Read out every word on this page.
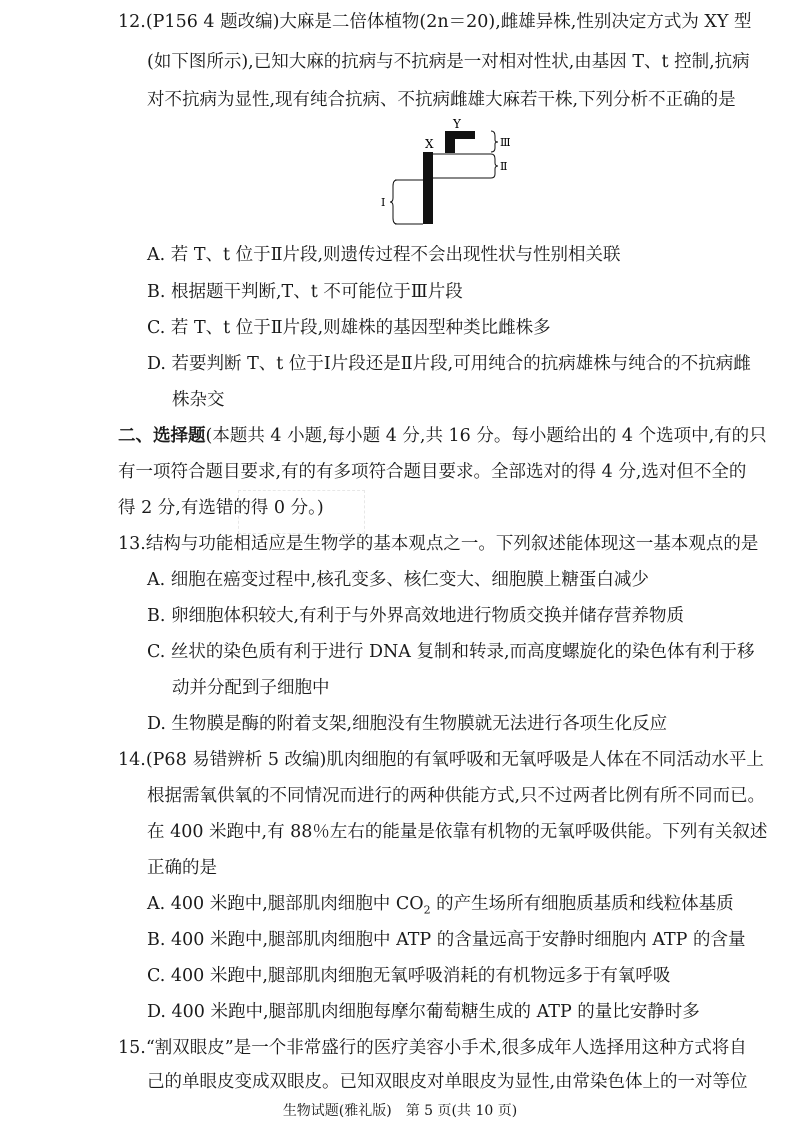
12.(P156 4 题改编)大麻是二倍体植物(2n＝20),雌雄异株,性别决定方式为 XY 型
(如下图所示),已知大麻的抗病与不抗病是一对相对性状,由基因 T、t 控制,抗病
对不抗病为显性,现有纯合抗病、不抗病雌雄大麻若干株,下列分析不正确的是
X
Y
Ⅲ
Ⅱ
Ⅰ
A. 若 T、t 位于Ⅱ片段,则遗传过程不会出现性状与性别相关联
B. 根据题干判断,T、t 不可能位于Ⅲ片段
C. 若 T、t 位于Ⅱ片段,则雄株的基因型种类比雌株多
D. 若要判断 T、t 位于Ⅰ片段还是Ⅱ片段,可用纯合的抗病雄株与纯合的不抗病雌
株杂交
二、选择题(本题共 4 小题,每小题 4 分,共 16 分。每小题给出的 4 个选项中,有的只
有一项符合题目要求,有的有多项符合题目要求。全部选对的得 4 分,选对但不全的
得 2 分,有选错的得 0 分。)
13.结构与功能相适应是生物学的基本观点之一。下列叙述能体现这一基本观点的是
A. 细胞在癌变过程中,核孔变多、核仁变大、细胞膜上糖蛋白减少
B. 卵细胞体积较大,有利于与外界高效地进行物质交换并储存营养物质
C. 丝状的染色质有利于进行 DNA 复制和转录,而高度螺旋化的染色体有利于移
动并分配到子细胞中
D. 生物膜是酶的附着支架,细胞没有生物膜就无法进行各项生化反应
14.(P68 易错辨析 5 改编)肌肉细胞的有氧呼吸和无氧呼吸是人体在不同活动水平上
根据需氧供氧的不同情况而进行的两种供能方式,只不过两者比例有所不同而已。
在 400 米跑中,有 88％左右的能量是依靠有机物的无氧呼吸供能。下列有关叙述
正确的是
A. 400 米跑中,腿部肌肉细胞中 $CO_2$ 的产生场所有细胞质基质和线粒体基质
B. 400 米跑中,腿部肌肉细胞中 ATP 的含量远高于安静时细胞内 ATP 的含量
C. 400 米跑中,腿部肌肉细胞无氧呼吸消耗的有机物远多于有氧呼吸
D. 400 米跑中,腿部肌肉细胞每摩尔葡萄糖生成的 ATP 的量比安静时多
15.“割双眼皮”是一个非常盛行的医疗美容小手术,很多成年人选择用这种方式将自
己的单眼皮变成双眼皮。已知双眼皮对单眼皮为显性,由常染色体上的一对等位
生物试题(雅礼版)　第 5 页(共 10 页)
